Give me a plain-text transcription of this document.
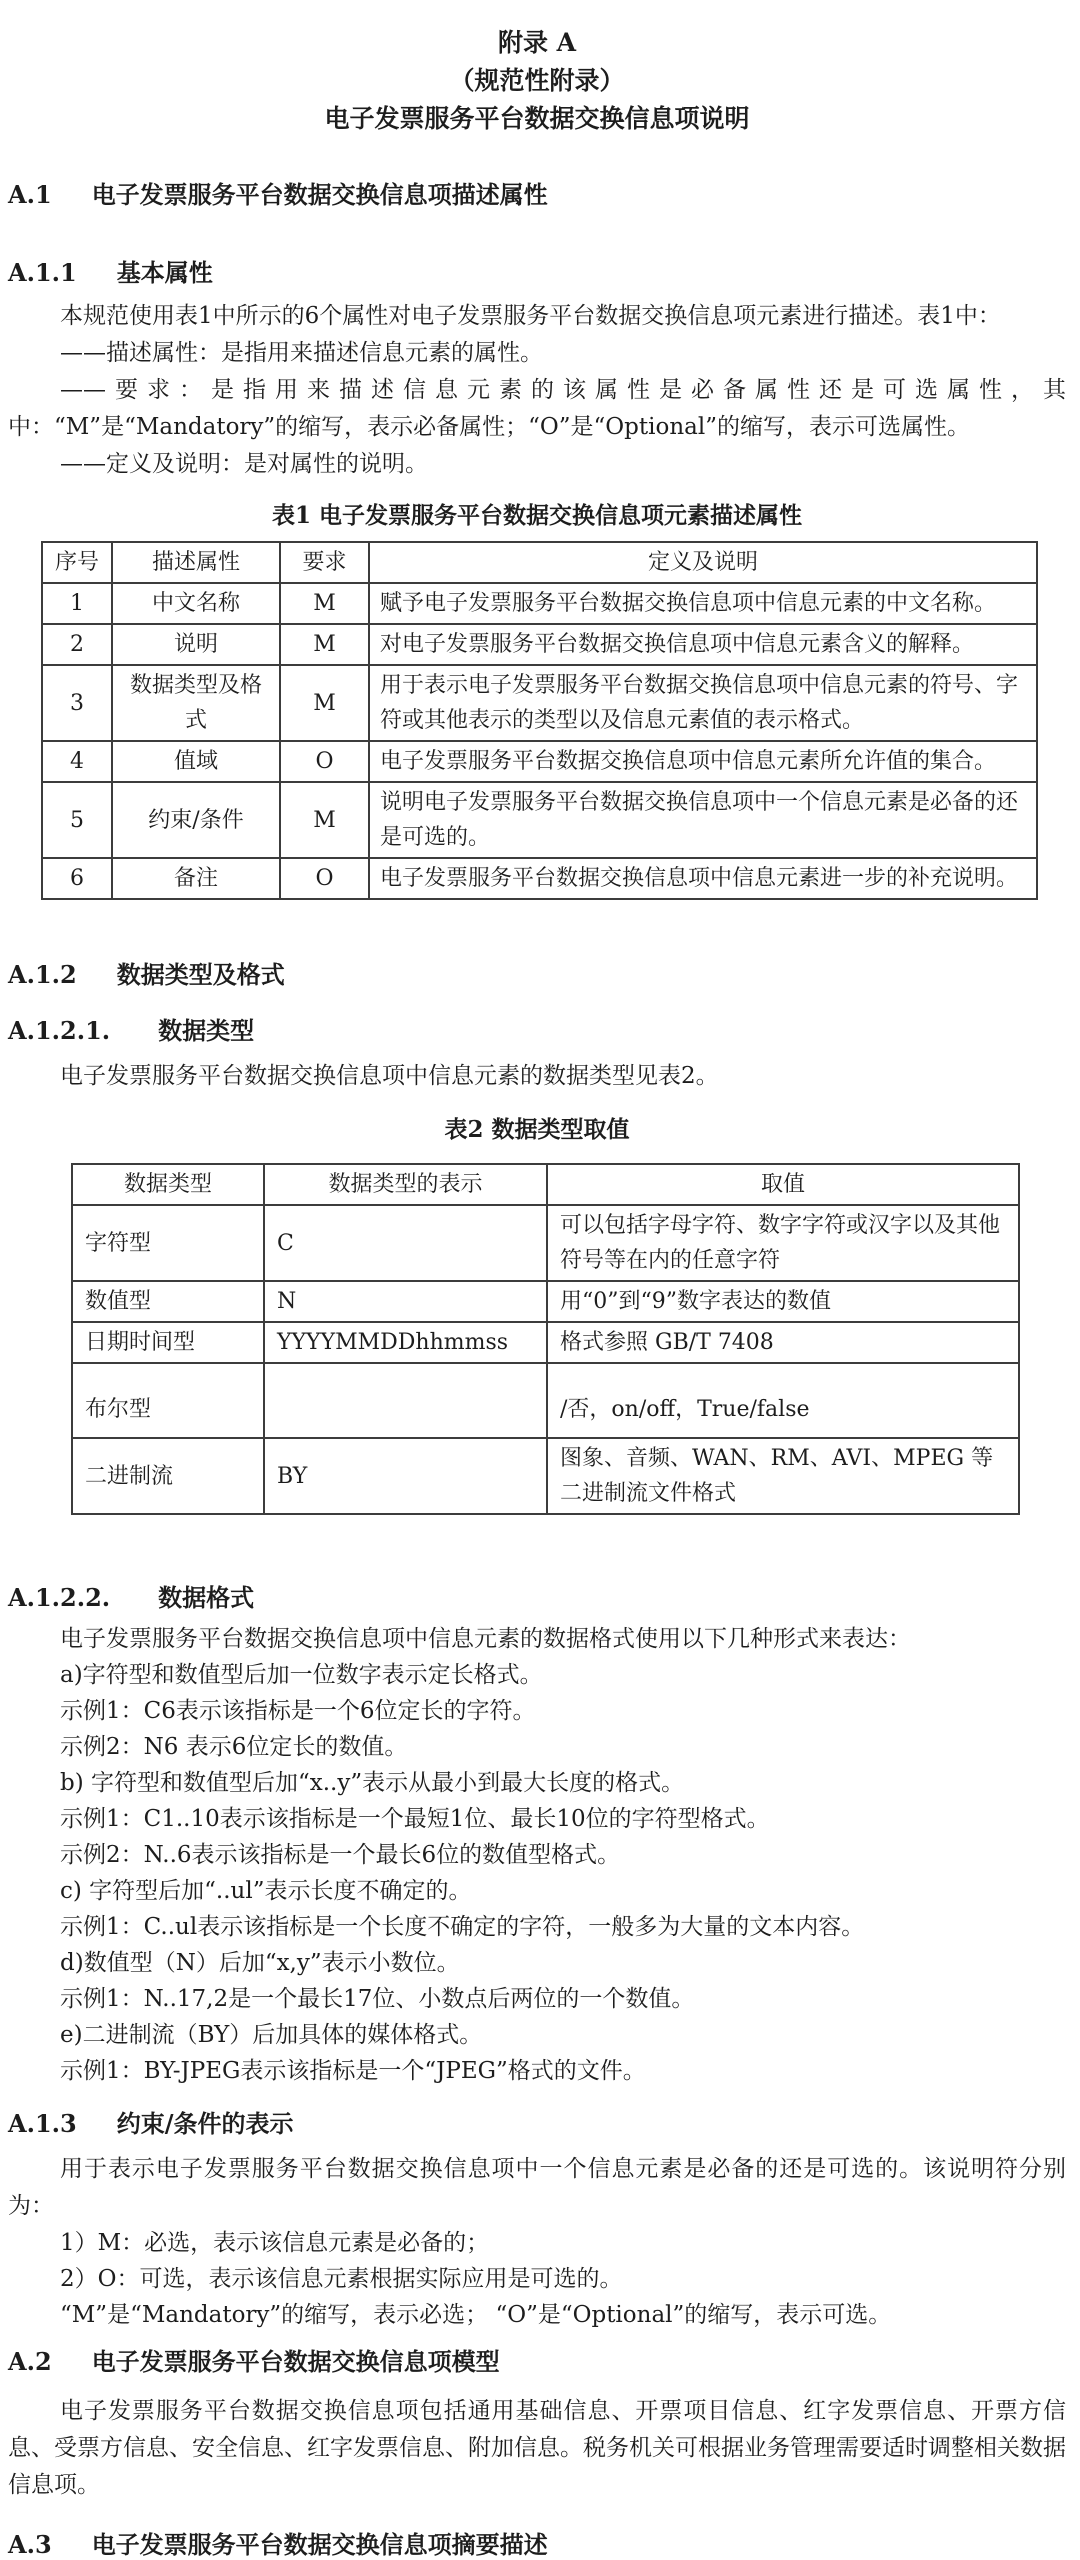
附录 A
（规范性附录）
电子发票服务平台数据交换信息项说明
A.1 电子发票服务平台数据交换信息项描述属性
A.1.1 基本属性
本规范使用表1中所示的6个属性对电子发票服务平台数据交换信息项元素进行描述。表1中：
——描述属性：是指用来描述信息元素的属性。
——要求：是指用来描述信息元素的该属性是必备属性还是可选属性，其中：“M”是“Mandatory”的缩写，表示必备属性；“O”是“Optional”的缩写，表示可选属性。
——定义及说明：是对属性的说明。
表1 电子发票服务平台数据交换信息项元素描述属性
序号	描述属性	要求	定义及说明
1	中文名称	M	赋予电子发票服务平台数据交换信息项中信息元素的中文名称。
2	说明	M	对电子发票服务平台数据交换信息项中信息元素含义的解释。
3	数据类型及格式	M	用于表示电子发票服务平台数据交换信息项中信息元素的符号、字符或其他表示的类型以及信息元素值的表示格式。
4	值域	O	电子发票服务平台数据交换信息项中信息元素所允许值的集合。
5	约束/条件	M	说明电子发票服务平台数据交换信息项中一个信息元素是必备的还是可选的。
6	备注	O	电子发票服务平台数据交换信息项中信息元素进一步的补充说明。
A.1.2 数据类型及格式
A.1.2.1. 数据类型
电子发票服务平台数据交换信息项中信息元素的数据类型见表2。
表2 数据类型取值
数据类型	数据类型的表示	取值
字符型	C	可以包括字母字符、数字字符或汉字以及其他符号等在内的任意字符
数值型	N	用“0”到“9”数字表达的数值
日期时间型	YYYYMMDDhhmmss	格式参照 GB/T 7408
布尔型		/否，on/off，True/false
二进制流	BY	图象、音频、WAN、RM、AVI、MPEG 等二进制流文件格式
A.1.2.2. 数据格式
电子发票服务平台数据交换信息项中信息元素的数据格式使用以下几种形式来表达：
a)字符型和数值型后加一位数字表示定长格式。
示例1：C6表示该指标是一个6位定长的字符。
示例2：N6 表示6位定长的数值。
b) 字符型和数值型后加“x..y”表示从最小到最大长度的格式。
示例1：C1..10表示该指标是一个最短1位、最长10位的字符型格式。
示例2：N..6表示该指标是一个最长6位的数值型格式。
c) 字符型后加“..ul”表示长度不确定的。
示例1：C..ul表示该指标是一个长度不确定的字符，一般多为大量的文本内容。
d)数值型（N）后加“x,y”表示小数位。
示例1：N..17,2是一个最长17位、小数点后两位的一个数值。
e)二进制流（BY）后加具体的媒体格式。
示例1：BY-JPEG表示该指标是一个“JPEG”格式的文件。
A.1.3 约束/条件的表示
用于表示电子发票服务平台数据交换信息项中一个信息元素是必备的还是可选的。该说明符分别为：
1）M：必选，表示该信息元素是必备的；
2）O：可选，表示该信息元素根据实际应用是可选的。
“M”是“Mandatory”的缩写，表示必选； “O”是“Optional”的缩写，表示可选。
A.2 电子发票服务平台数据交换信息项模型
电子发票服务平台数据交换信息项包括通用基础信息、开票项目信息、红字发票信息、开票方信息、受票方信息、安全信息、红字发票信息、附加信息。税务机关可根据业务管理需要适时调整相关数据信息项。
A.3 电子发票服务平台数据交换信息项摘要描述
